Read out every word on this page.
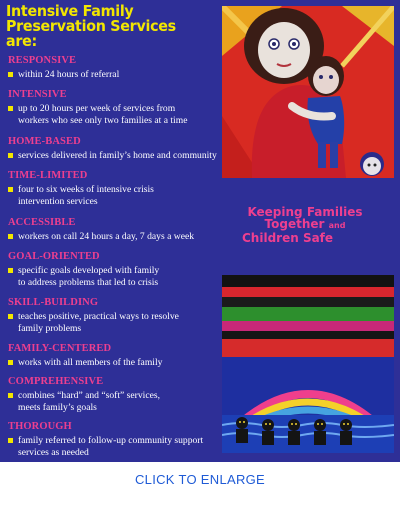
Intensive Family
Preservation Services are:
RESPONSIVE
within 24 hours of referral
INTENSIVE
up to 20 hours per week of services from
workers who see only two families at a time
HOME-BASED
services delivered in family’s home and community
TIME-LIMITED
four to six weeks of intensive crisis
intervention services
ACCESSIBLE
workers on call 24 hours a day, 7 days a week
GOAL-ORIENTED
specific goals developed with family
to address problems that led to crisis
SKILL-BUILDING
teaches positive, practical ways to resolve
family problems
FAMILY-CENTERED
works with all members of the family
COMPREHENSIVE
combines “hard” and “soft” services,
meets family’s goals
THOROUGH
family referred to follow-up community support
services as needed
Keeping Families
Together and
Children Safe
CLICK TO ENLARGE
